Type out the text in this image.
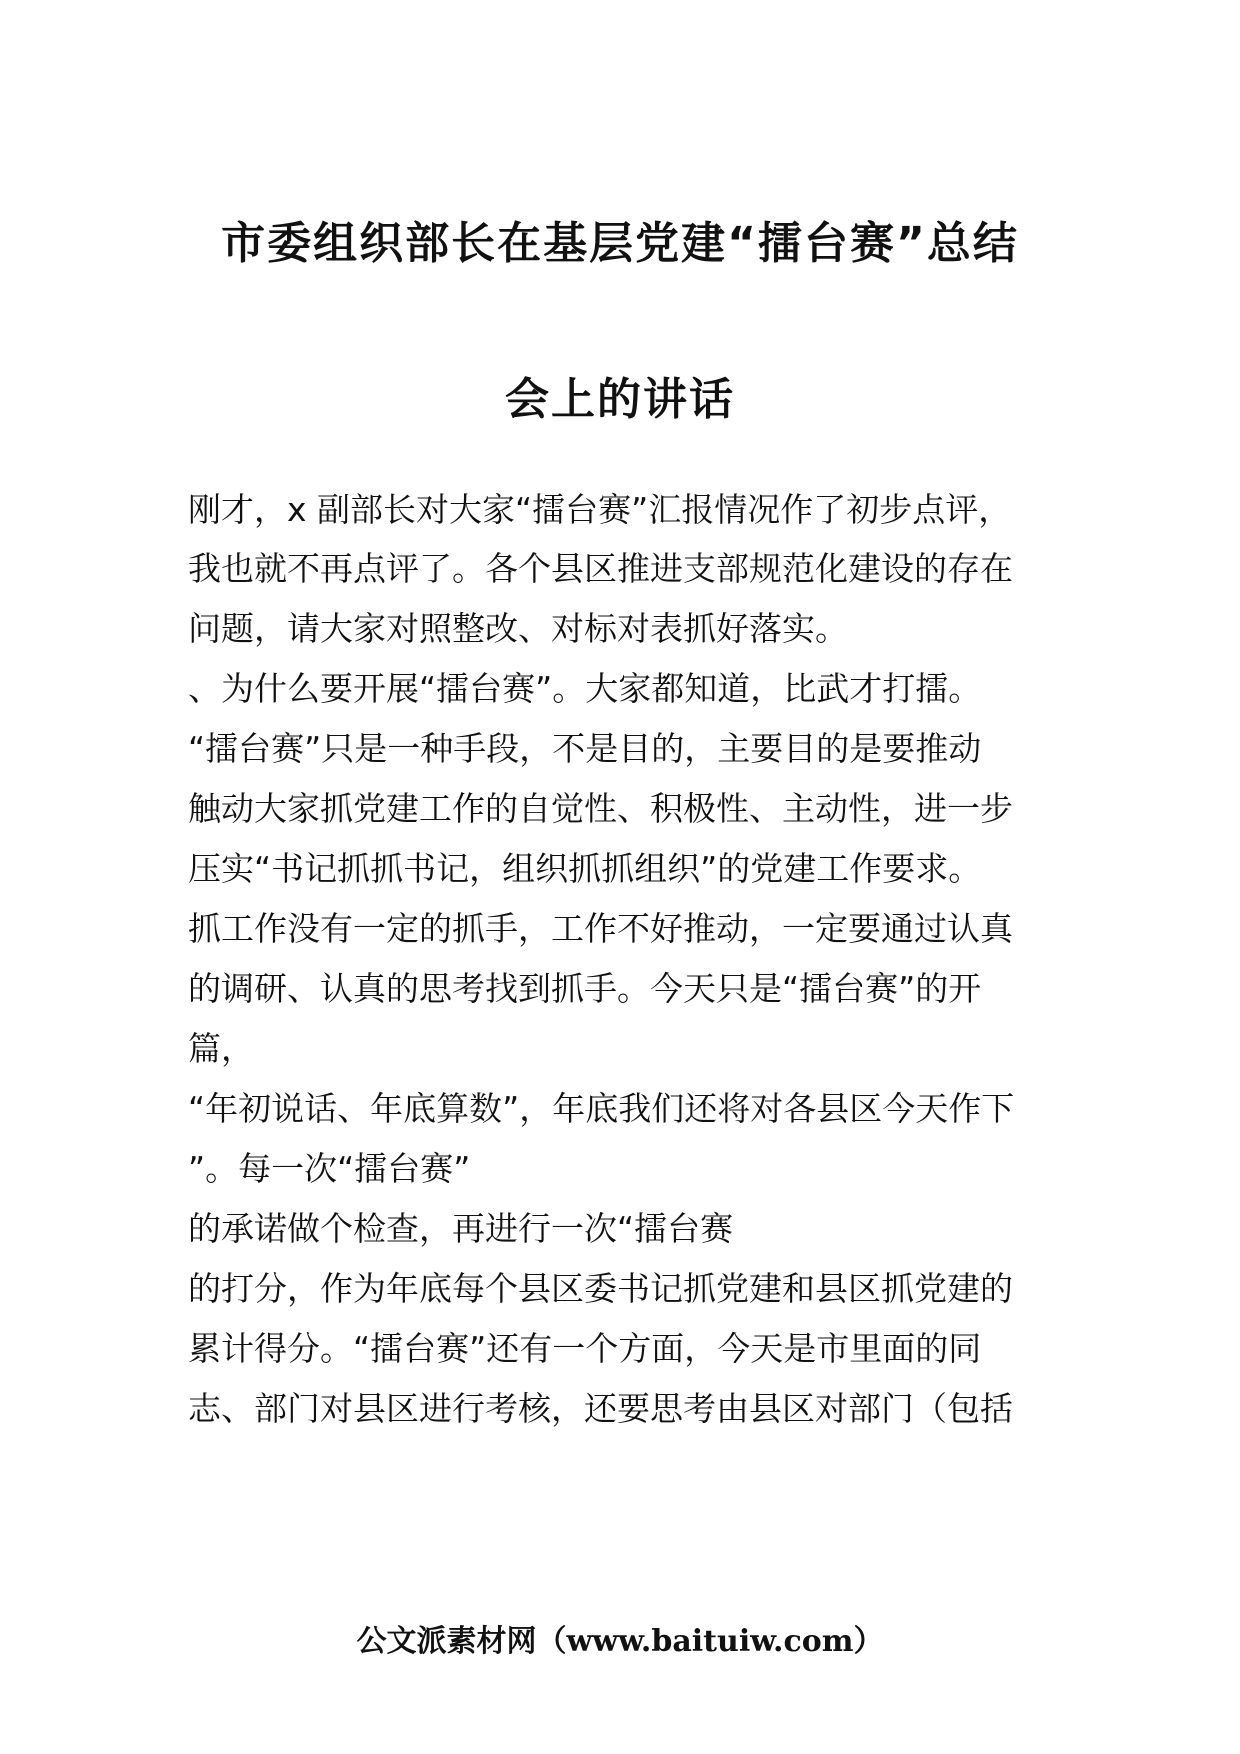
市委组织部长在基层党建“擂台赛”总结
会上的讲话
刚才，x 副部长对大家“擂台赛”汇报情况作了初步点评，
我也就不再点评了。各个县区推进支部规范化建设的存在
问题，请大家对照整改、对标对表抓好落实。
、为什么要开展“擂台赛”。大家都知道，比武才打擂。
“擂台赛”只是一种手段，不是目的，主要目的是要推动
触动大家抓党建工作的自觉性、积极性、主动性，进一步
压实“书记抓抓书记，组织抓抓组织”的党建工作要求。
抓工作没有一定的抓手，工作不好推动，一定要通过认真
的调研、认真的思考找到抓手。今天只是“擂台赛”的开
篇，
“年初说话、年底算数”，年底我们还将对各县区今天作下
”。每一次“擂台赛”
的承诺做个检查，再进行一次“擂台赛
的打分，作为年底每个县区委书记抓党建和县区抓党建的
累计得分。“擂台赛”还有一个方面，今天是市里面的同
志、部门对县区进行考核，还要思考由县区对部门（包括
公文派素材网（www.baituiw.com）
